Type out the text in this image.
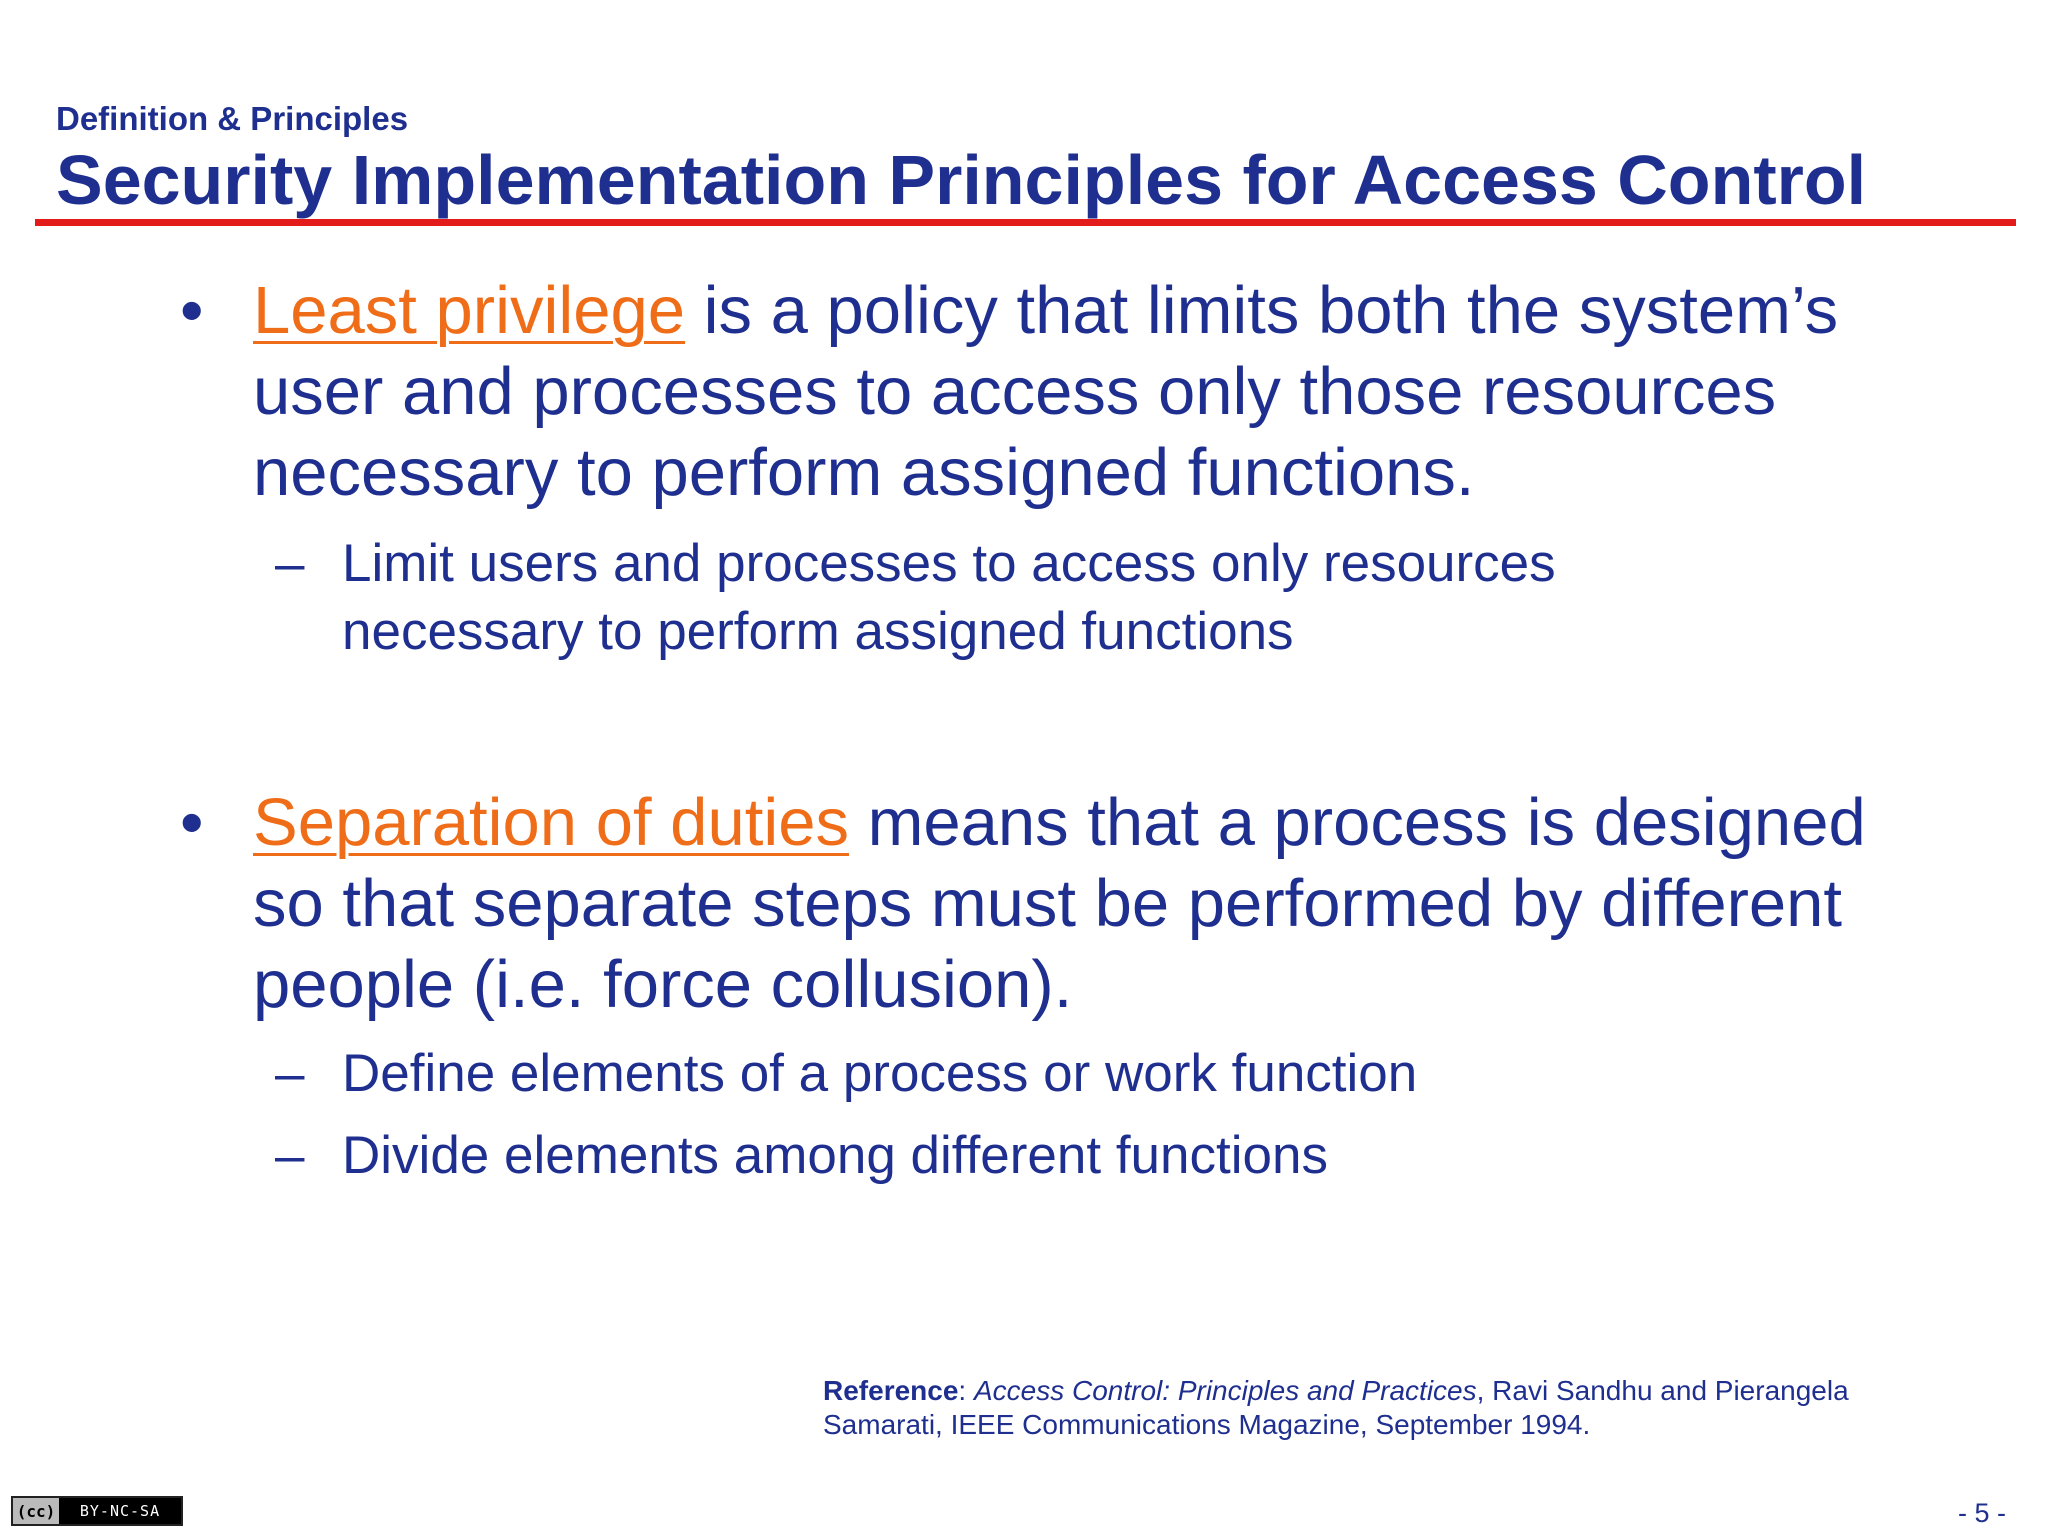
Definition & Principles
Security Implementation Principles for Access Control
• Least privilege is a policy that limits both the system’s user and processes to access only those resources necessary to perform assigned functions.
– Limit users and processes to access only resources necessary to perform assigned functions
• Separation of duties means that a process is designed so that separate steps must be performed by different people (i.e. force collusion).
– Define elements of a process or work function
– Divide elements among different functions
Reference: Access Control: Principles and Practices, Ravi Sandhu and Pierangela Samarati, IEEE Communications Magazine, September 1994.
(cc)	BY-NC-SA	- 5 -
